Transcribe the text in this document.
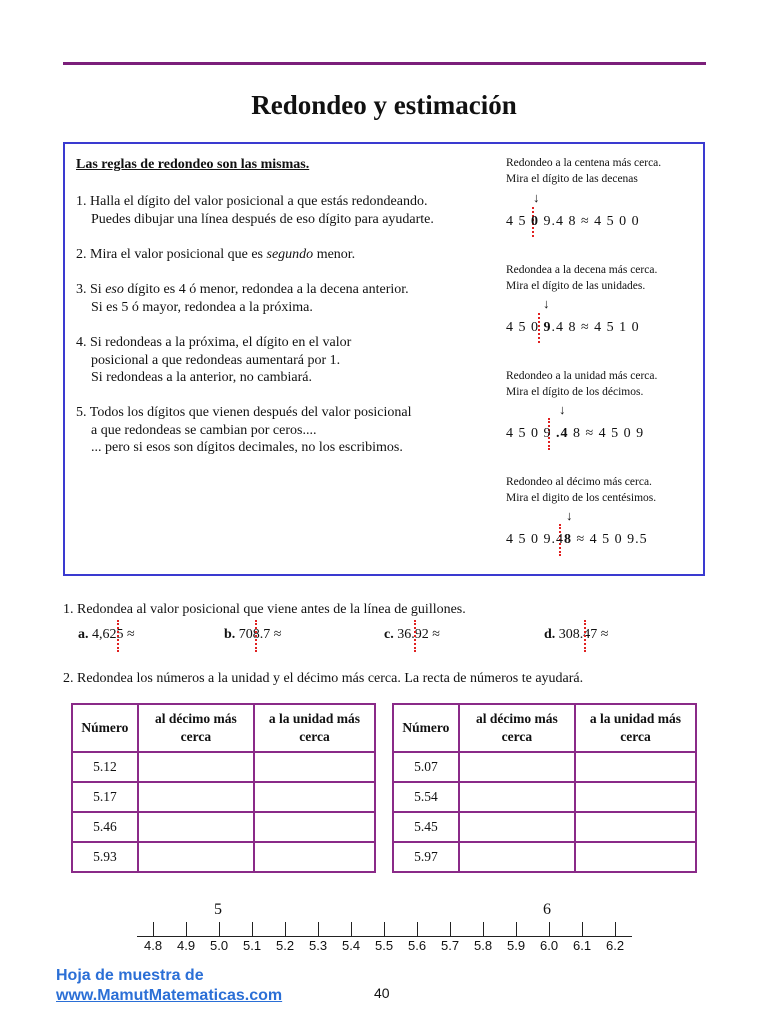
Redondeo y estimación
Las reglas de redondeo son las mismas.
1. Halla el dígito del valor posicional a que estás redondeando.
Puedes dibujar una línea después de eso dígito para ayudarte.
2. Mira el valor posicional que es segundo menor.
3. Si eso dígito es 4 ó menor, redondea a la decena anterior.
Si es 5 ó mayor, redondea a la próxima.
4. Si redondeas a la próxima, el dígito en el valor
posicional a que redondeas aumentará por 1.
Si redondeas a la anterior, no cambiará.
5. Todos los dígitos que vienen después del valor posicional
a que redondeas se cambian por ceros....
... pero si esos son dígitos decimales, no los escribimos.
Redondeo a la centena más cerca.
Mira el dígito de las decenas
↓
4 5 0 9.4 8 ≈ 4 5 0 0
Redondea a la decena más cerca.
Mira el dígito de las unidades.
↓
4 5 0 9.4 8 ≈ 4 5 1 0
Redondeo a la unidad más cerca.
Mira el dígito de los décimos.
↓
4 5 0 9 .4 8 ≈ 4 5 0 9
Redondeo al décimo más cerca.
Mira el digito de los centésimos.
↓
4 5 0 9.48 ≈ 4 5 0 9.5
1. Redondea al valor posicional que viene antes de la línea de guillones.
a. 4,625 ≈	b. 708.7 ≈	c. 36.92 ≈	d. 308.47 ≈
2. Redondea los números a la unidad y el décimo más cerca. La recta de números te ayudará.
Número	al décimo más cerca	a la unidad más cerca
5.12		
5.17		
5.46		
5.93		
Número	al décimo más cerca	a la unidad más cerca
5.07		
5.54		
5.45		
5.97		
5	6
4.8 4.9 5.0 5.1 5.2 5.3 5.4 5.5 5.6 5.7 5.8 5.9 6.0 6.1 6.2
Hoja de muestra de
www.MamutMatematicas.com	40
